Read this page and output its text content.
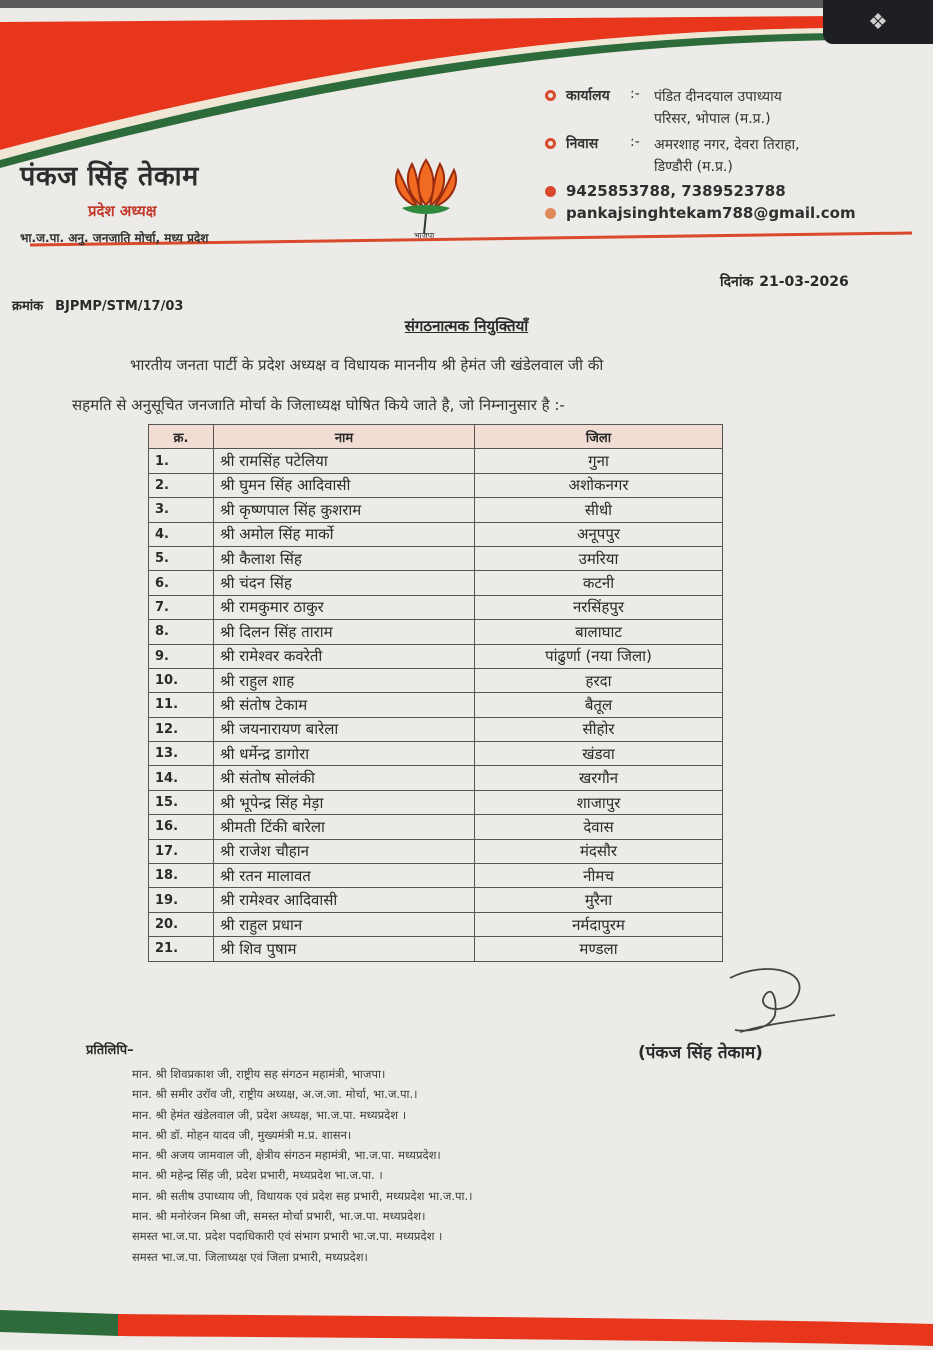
❖
पंकज सिंह तेकाम
प्रदेश अध्यक्ष
भा.ज.पा. अनु. जनजाति मोर्चा, मध्य प्रदेश	भाजपा
कार्यालय	:-	पंडित दीनदयाल उपाध्याय
परिसर, भोपाल (म.प्र.)
निवास	:-	अमरशाह नगर, देवरा तिराहा,
डिण्डौरी (म.प्र.)
9425853788, 7389523788
pankajsinghtekam788@gmail.com
दिनांक 21-03-2026
क्रमांक BJPMP/STM/17/03
संगठनात्मक नियुक्तियाँ
भारतीय जनता पार्टी के प्रदेश अध्यक्ष व विधायक माननीय श्री हेमंत जी खंडेलवाल जी की
सहमति से अनुसूचित जनजाति मोर्चा के जिलाध्यक्ष घोषित किये जाते है, जो निम्नानुसार है :-
क्र.	नाम	जिला
1.	श्री रामसिंह पटेलिया	गुना
2.	श्री घुमन सिंह आदिवासी	अशोकनगर
3.	श्री कृष्णपाल सिंह कुशराम	सीधी
4.	श्री अमोल सिंह मार्को	अनूपपुर
5.	श्री कैलाश सिंह	उमरिया
6.	श्री चंदन सिंह	कटनी
7.	श्री रामकुमार ठाकुर	नरसिंहपुर
8.	श्री दिलन सिंह ताराम	बालाघाट
9.	श्री रामेश्वर कवरेती	पांढुर्णा (नया जिला)
10.	श्री राहुल शाह	हरदा
11.	श्री संतोष टेकाम	बैतूल
12.	श्री जयनारायण बारेला	सीहोर
13.	श्री धर्मेन्द्र डागोरा	खंडवा
14.	श्री संतोष सोलंकी	खरगौन
15.	श्री भूपेन्द्र सिंह मेड़ा	शाजापुर
16.	श्रीमती टिंकी बारेला	देवास
17.	श्री राजेश चौहान	मंदसौर
18.	श्री रतन मालावत	नीमच
19.	श्री रामेश्वर आदिवासी	मुरैना
20.	श्री राहुल प्रधान	नर्मदापुरम
21.	श्री शिव पुषाम	मण्डला
(पंकज सिंह तेकाम)
प्रतिलिपि–
मान. श्री शिवप्रकाश जी, राष्ट्रीय सह संगठन महामंत्री, भाजपा।
मान. श्री समीर उरॉव जी, राष्ट्रीय अध्यक्ष, अ.ज.जा. मोर्चा, भा.ज.पा.।
मान. श्री हेमंत खंडेलवाल जी, प्रदेश अध्यक्ष, भा.ज.पा. मध्यप्रदेश ।
मान. श्री डॉ. मोहन यादव जी, मुख्यमंत्री म.प्र. शासन।
मान. श्री अजय जामवाल जी, क्षेत्रीय संगठन महामंत्री, भा.ज.पा. मध्यप्रदेश।
मान. श्री महेन्द्र सिंह जी, प्रदेश प्रभारी, मध्यप्रदेश भा.ज.पा. ।
मान. श्री सतीष उपाध्याय जी, विधायक एवं प्रदेश सह प्रभारी, मध्यप्रदेश भा.ज.पा.।
मान. श्री मनोरंजन मिश्रा जी, समस्त मोर्चा प्रभारी, भा.ज.पा. मध्यप्रदेश।
समस्त भा.ज.पा. प्रदेश पदाधिकारी एवं संभाग प्रभारी भा.ज.पा. मध्यप्रदेश ।
समस्त भा.ज.पा. जिलाध्यक्ष एवं जिला प्रभारी, मध्यप्रदेश।
